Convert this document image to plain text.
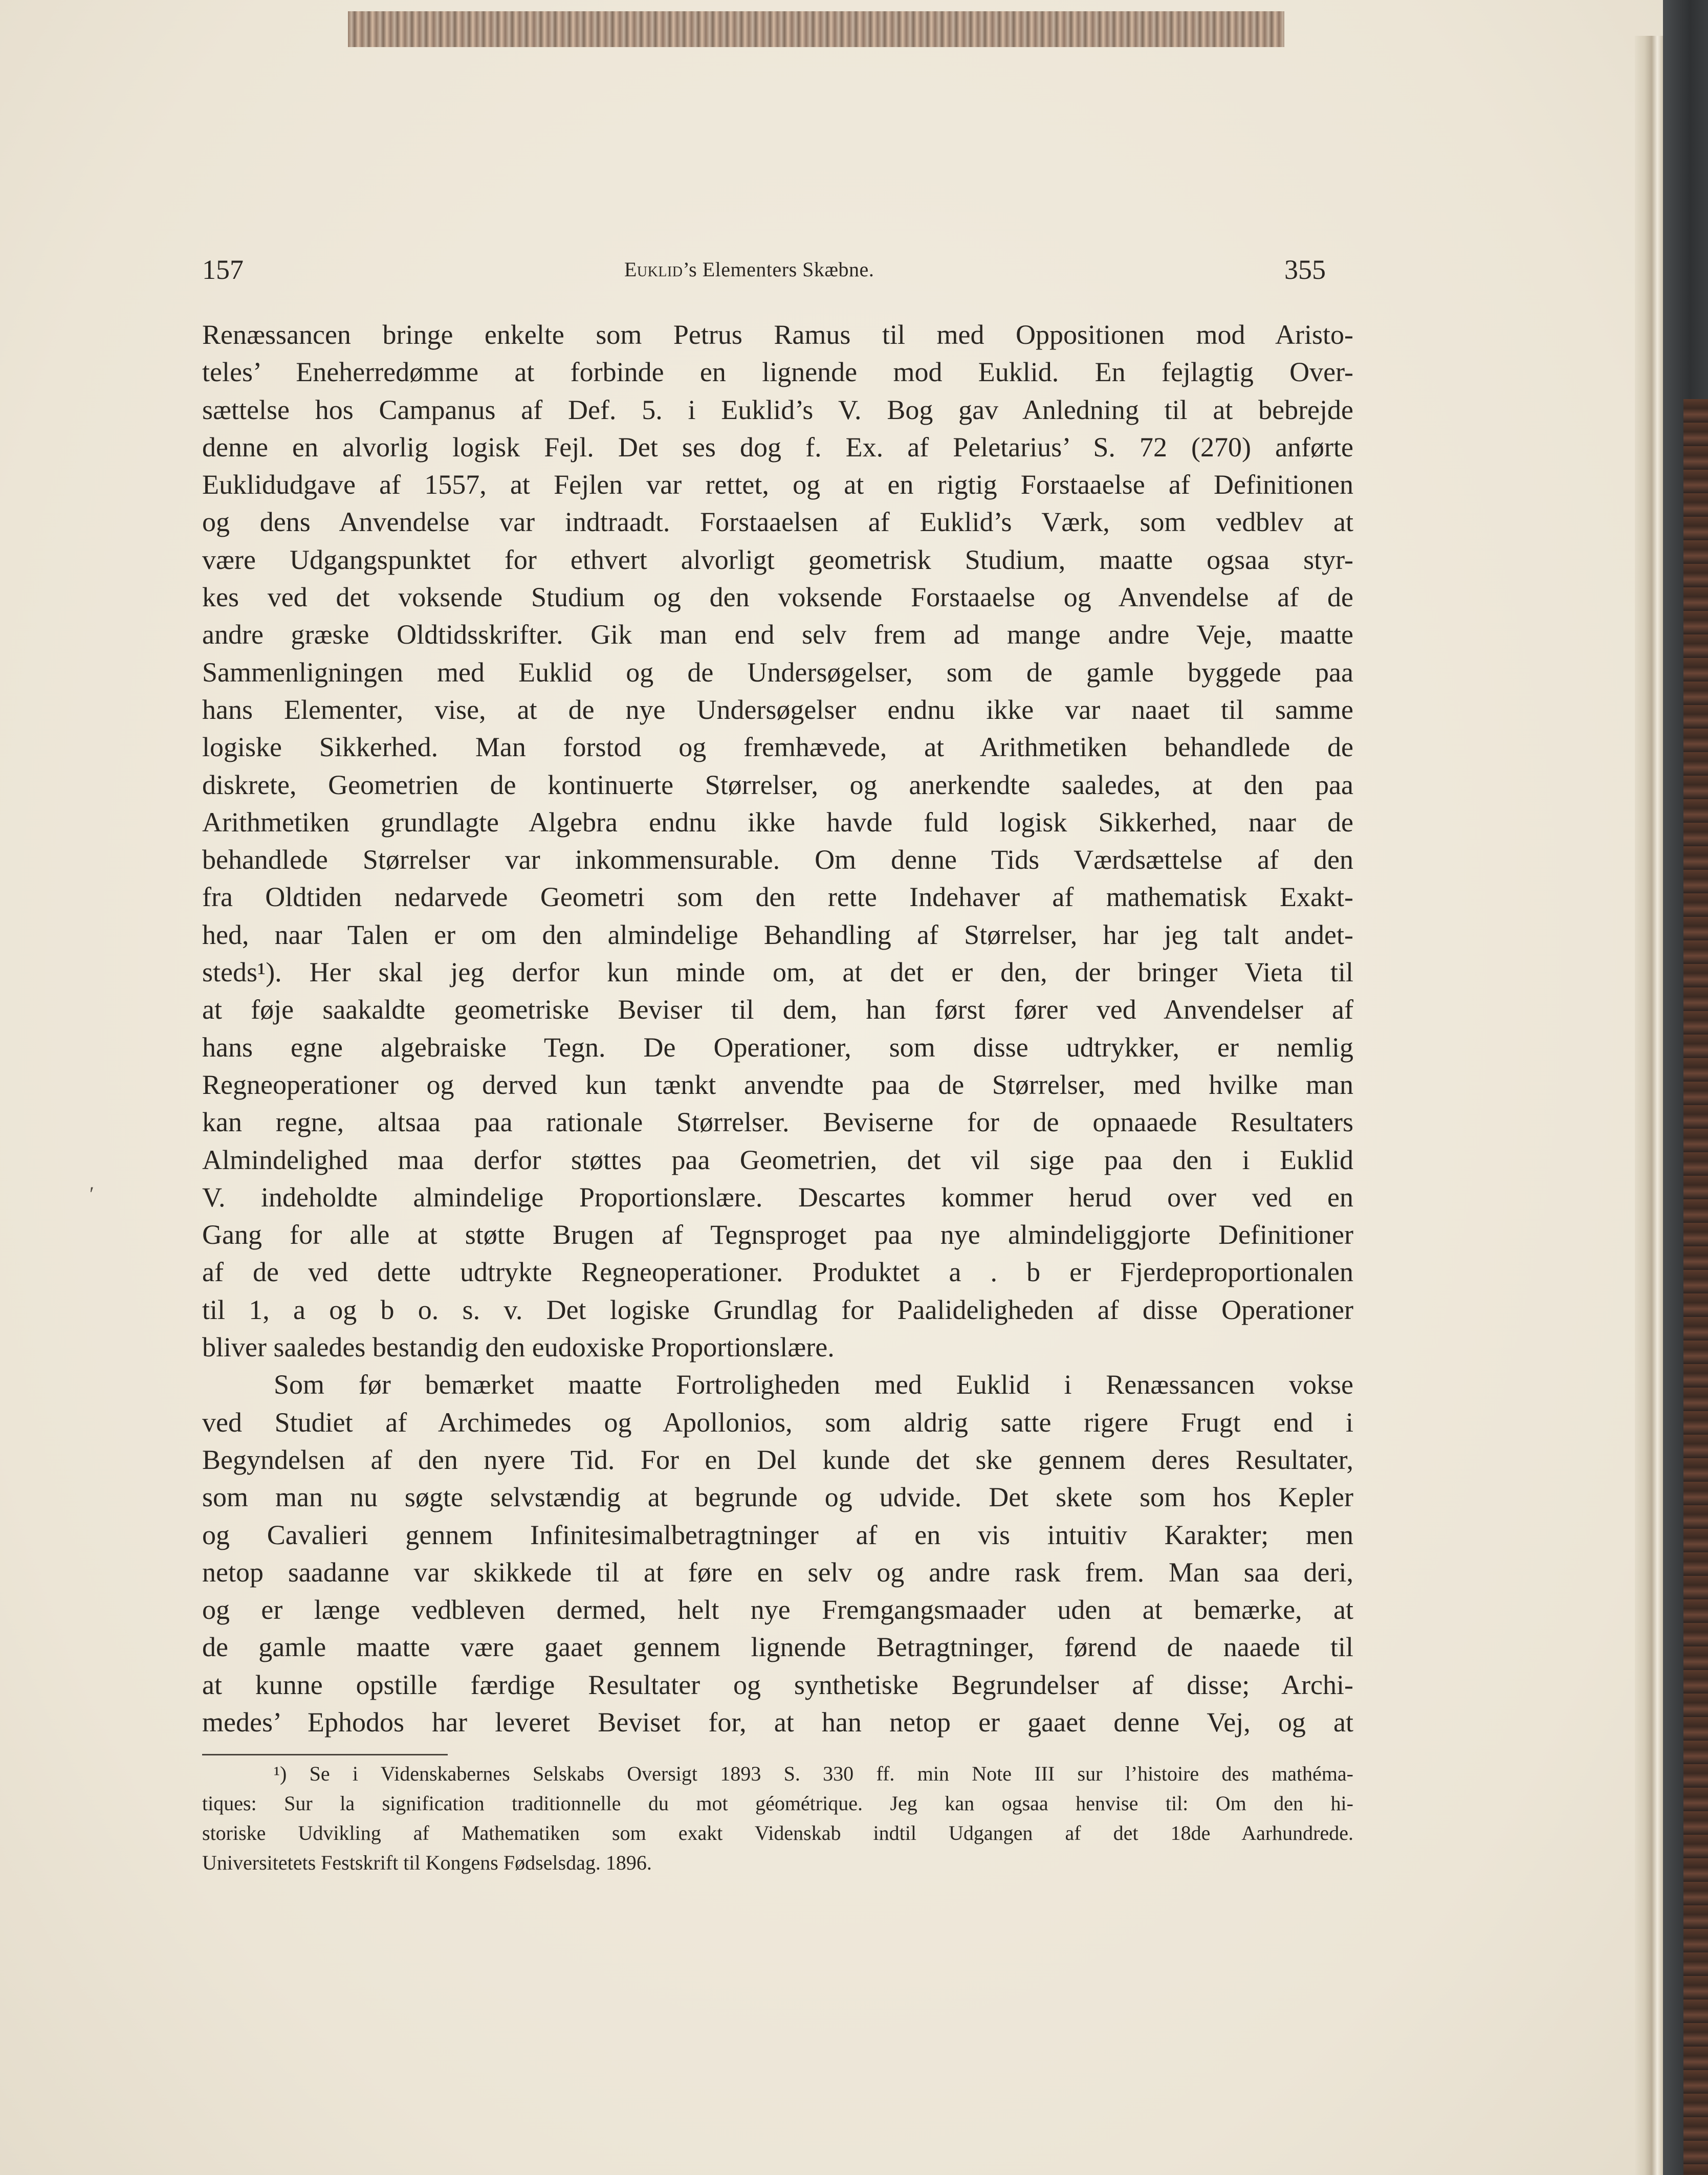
157	Euklid’s Elementers Skæbne.	355
Renæssancen bringe enkelte som Petrus Ramus til med Oppositionen mod Aristo-
teles’ Eneherredømme at forbinde en lignende mod Euklid. En fejlagtig Over-
sættelse hos Campanus af Def. 5. i Euklid’s V. Bog gav Anledning til at bebrejde
denne en alvorlig logisk Fejl. Det ses dog f. Ex. af Peletarius’ S. 72 (270) anførte
Euklidudgave af 1557, at Fejlen var rettet, og at en rigtig Forstaaelse af Definitionen
og dens Anvendelse var indtraadt. Forstaaelsen af Euklid’s Værk, som vedblev at
være Udgangspunktet for ethvert alvorligt geometrisk Studium, maatte ogsaa styr-
kes ved det voksende Studium og den voksende Forstaaelse og Anvendelse af de
andre græske Oldtidsskrifter. Gik man end selv frem ad mange andre Veje, maatte
Sammenligningen med Euklid og de Undersøgelser, som de gamle byggede paa
hans Elementer, vise, at de nye Undersøgelser endnu ikke var naaet til samme
logiske Sikkerhed. Man forstod og fremhævede, at Arithmetiken behandlede de
diskrete, Geometrien de kontinuerte Størrelser, og anerkendte saaledes, at den paa
Arithmetiken grundlagte Algebra endnu ikke havde fuld logisk Sikkerhed, naar de
behandlede Størrelser var inkommensurable. Om denne Tids Værdsættelse af den
fra Oldtiden nedarvede Geometri som den rette Indehaver af mathematisk Exakt-
hed, naar Talen er om den almindelige Behandling af Størrelser, har jeg talt andet-
steds¹). Her skal jeg derfor kun minde om, at det er den, der bringer Vieta til
at føje saakaldte geometriske Beviser til dem, han først fører ved Anvendelser af
hans egne algebraiske Tegn. De Operationer, som disse udtrykker, er nemlig
Regneoperationer og derved kun tænkt anvendte paa de Størrelser, med hvilke man
kan regne, altsaa paa rationale Størrelser. Beviserne for de opnaaede Resultaters
Almindelighed maa derfor støttes paa Geometrien, det vil sige paa den i Euklid
V. indeholdte almindelige Proportionslære. Descartes kommer herud over ved en
Gang for alle at støtte Brugen af Tegnsproget paa nye almindeliggjorte Definitioner
af de ved dette udtrykte Regneoperationer. Produktet a . b er Fjerdeproportionalen
til 1, a og b o. s. v. Det logiske Grundlag for Paalideligheden af disse Operationer
bliver saaledes bestandig den eudoxiske Proportionslære.
Som før bemærket maatte Fortroligheden med Euklid i Renæssancen vokse
ved Studiet af Archimedes og Apollonios, som aldrig satte rigere Frugt end i
Begyndelsen af den nyere Tid. For en Del kunde det ske gennem deres Resultater,
som man nu søgte selvstændig at begrunde og udvide. Det skete som hos Kepler
og Cavalieri gennem Infinitesimalbetragtninger af en vis intuitiv Karakter; men
netop saadanne var skikkede til at føre en selv og andre rask frem. Man saa deri,
og er længe vedbleven dermed, helt nye Fremgangsmaader uden at bemærke, at
de gamle maatte være gaaet gennem lignende Betragtninger, førend de naaede til
at kunne opstille færdige Resultater og synthetiske Begrundelser af disse; Archi-
medes’ Ephodos har leveret Beviset for, at han netop er gaaet denne Vej, og at
′
¹) Se i Videnskabernes Selskabs Oversigt 1893 S. 330 ff. min Note III sur l’histoire des mathéma-
tiques: Sur la signification traditionnelle du mot géométrique. Jeg kan ogsaa henvise til: Om den hi-
storiske Udvikling af Mathematiken som exakt Videnskab indtil Udgangen af det 18de Aarhundrede.
Universitetets Festskrift til Kongens Fødselsdag. 1896.
